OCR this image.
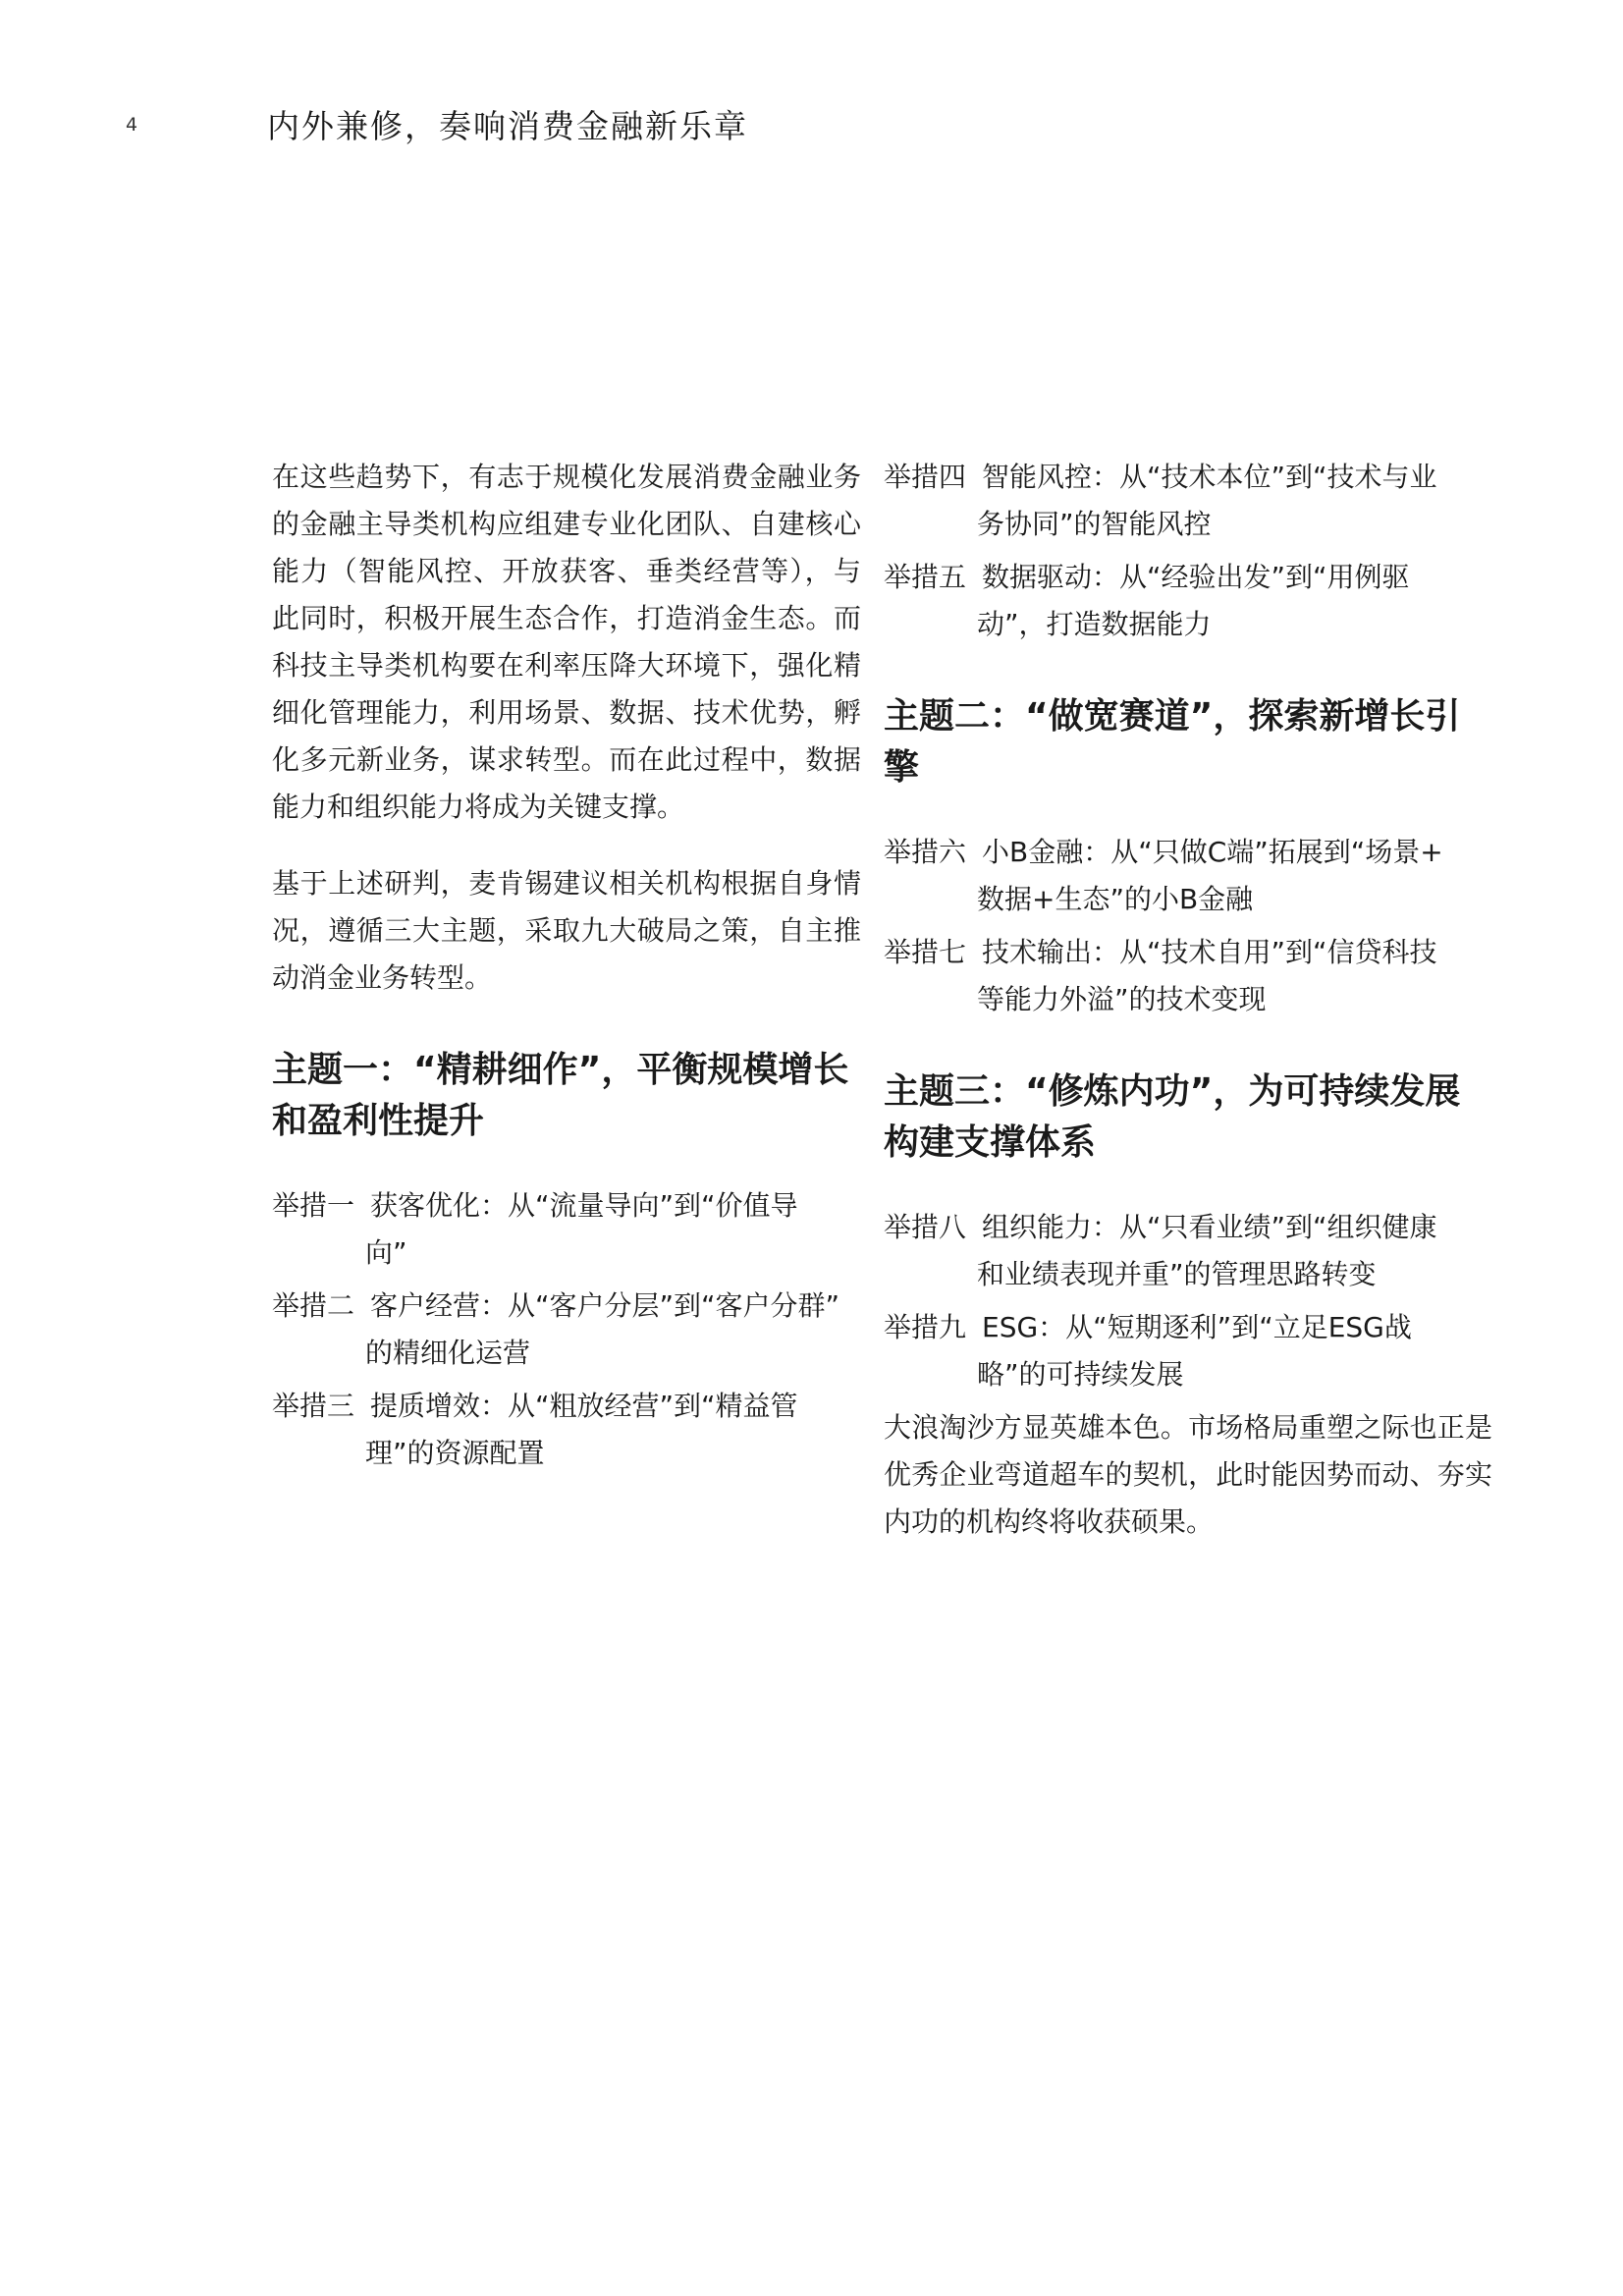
4	内外兼修，奏响消费金融新乐章

在这些趋势下，有志于规模化发展消费金融业务的金融主导类机构应组建专业化团队、自建核心能力（智能风控、开放获客、垂类经营等），与此同时，积极开展生态合作，打造消金生态。而科技主导类机构要在利率压降大环境下，强化精细化管理能力，利用场景、数据、技术优势，孵化多元新业务，谋求转型。而在此过程中，数据能力和组织能力将成为关键支撑。

基于上述研判，麦肯锡建议相关机构根据自身情况，遵循三大主题，采取九大破局之策，自主推动消金业务转型。

主题一：“精耕细作”，平衡规模增长和盈利性提升
举措一 获客优化：从“流量导向”到“价值导
向”
举措二 客户经营：从“客户分层”到“客户分群”
的精细化运营
举措三 提质增效：从“粗放经营”到“精益管
理”的资源配置
举措四 智能风控：从“技术本位”到“技术与业
务协同”的智能风控
举措五 数据驱动：从“经验出发”到“用例驱
动”，打造数据能力
主题二：“做宽赛道”，探索新增长引擎
举措六 小B金融：从“只做C端”拓展到“场景+
数据+生态”的小B金融
举措七 技术输出：从“技术自用”到“信贷科技
等能力外溢”的技术变现
主题三：“修炼内功”，为可持续发展构建支撑体系
举措八 组织能力：从“只看业绩”到“组织健康
和业绩表现并重”的管理思路转变
举措九 ESG：从“短期逐利”到“立足ESG战
略”的可持续发展

大浪淘沙方显英雄本色。市场格局重塑之际也正是优秀企业弯道超车的契机，此时能因势而动、夯实内功的机构终将收获硕果。
